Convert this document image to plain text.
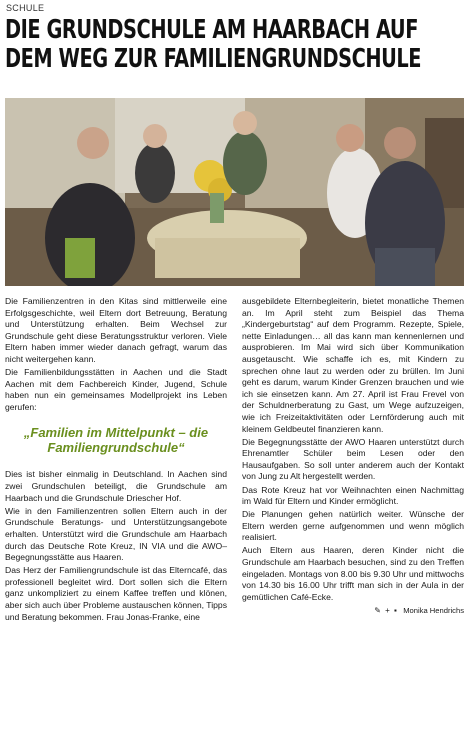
SCHULE
DIE GRUNDSCHULE AM HAARBACH AUF DEM WEG ZUR FAMILIENGRUNDSCHULE

Die Familienzentren in den Kitas sind mittlerweile eine Erfolgsgeschichte, weil Eltern dort Betreuung, Beratung und Unterstützung erhalten. Beim Wechsel zur Grundschule geht diese Beratungsstruktur verloren. Viele Eltern haben immer wieder danach gefragt, warum das nicht weitergehen kann.

Die Familienbildungsstätten in Aachen und die Stadt Aachen mit dem Fachbereich Kinder, Jugend, Schule haben nun ein gemeinsames Modellprojekt ins Leben gerufen:

„Familien im Mittelpunkt – die Familiengrundschule“

Dies ist bisher einmalig in Deutschland. In Aachen sind zwei Grundschulen beteiligt, die Grundschule am Haarbach und die Grundschule Driescher Hof.

Wie in den Familienzentren sollen Eltern auch in der Grundschule Beratungs- und Unterstützungsangebote erhalten. Unterstützt wird die Grundschule am Haarbach durch das Deutsche Rote Kreuz, IN VIA und die AWO–Begegnungsstätte aus Haaren.

Das Herz der Familiengrundschule ist das Elterncafé, das professionell begleitet wird. Dort sollen sich die Eltern ganz unkompliziert zu einem Kaffee treffen und klönen, aber sich auch über Probleme austauschen können, Tipps und Beratung bekommen. Frau Jonas-Franke, eine

ausgebildete Elternbegleiterin, bietet monatliche Themen an. Im April steht zum Beispiel das Thema „Kindergeburtstag“ auf dem Programm. Rezepte, Spiele, nette Einladungen… all das kann man kennenlernen und ausprobieren. Im Mai wird sich über Kommunikation ausgetauscht. Wie schaffe ich es, mit Kindern zu sprechen ohne laut zu werden oder zu brüllen. Im Juni geht es darum, warum Kinder Grenzen brauchen und wie ich sie einsetzen kann. Am 27. April ist Frau Frevel von der Schuldnerberatung zu Gast, um Wege aufzuzeigen, wie ich Freizeitaktivitäten oder Lernförderung auch mit kleinem Geldbeutel finanzieren kann.

Die Begegnungsstätte der AWO Haaren unterstützt durch Ehrenamtler Schüler beim Lesen oder den Hausaufgaben. So soll unter anderem auch der Kontakt von Jung zu Alt hergestellt werden.

Das Rote Kreuz hat vor Weihnachten einen Nachmittag im Wald für Eltern und Kinder ermöglicht.

Die Planungen gehen natürlich weiter. Wünsche der Eltern werden gerne aufgenommen und wenn möglich realisiert.

Auch Eltern aus Haaren, deren Kinder nicht die Grundschule am Haarbach besuchen, sind zu den Treffen eingeladen. Montags von 8.00 bis 9.30 Uhr und mittwochs von 14.30 bis 16.00 Uhr trifft man sich in der Aula in der gemütlichen Café-Ecke.

✎ + ▪ Monika Hendrichs
